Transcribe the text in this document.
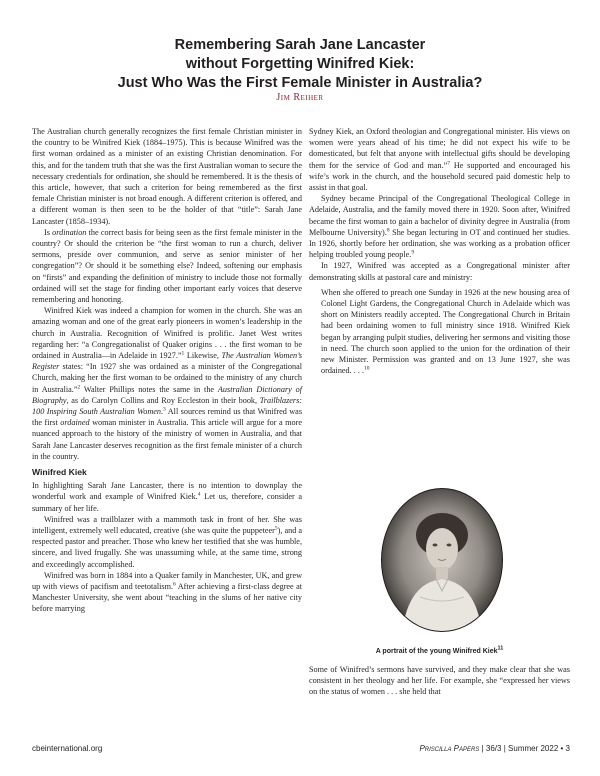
Remembering Sarah Jane Lancaster
without Forgetting Winifred Kiek:
Just Who Was the First Female Minister in Australia?
Jim Reiher

The Australian church generally recognizes the first female Christian minister in the country to be Winifred Kiek (1884–1975). This is because Winifred was the first woman ordained as a minister of an existing Christian denomination. For this, and for the tandem truth that she was the first Australian woman to secure the necessary credentials for ordination, she should be remembered. It is the thesis of this article, however, that such a criterion for being remembered as the first female Christian minister is not broad enough. A different criterion is offered, and a different woman is then seen to be the holder of that “title”: Sarah Jane Lancaster (1858–1934).

Is ordination the correct basis for being seen as the first female minister in the country? Or should the criterion be “the first woman to run a church, deliver sermons, preside over communion, and serve as senior minister of her congregation”? Or should it be something else? Indeed, softening our emphasis on “firsts” and expanding the definition of ministry to include those not formally ordained will set the stage for finding other important early voices that deserve remembering and honoring.

Winifred Kiek was indeed a champion for women in the church. She was an amazing woman and one of the great early pioneers in women’s leadership in the church in Australia. Recognition of Winifred is prolific. Janet West writes regarding her: “a Congregationalist of Quaker origins . . . the first woman to be ordained in Australia—in Adelaide in 1927.”$^1$ Likewise, The Australian Women’s Register states: “In 1927 she was ordained as a minister of the Congregational Church, making her the first woman to be ordained to the ministry of any church in Australia.”$^2$ Walter Phillips notes the same in the Australian Dictionary of Biography, as do Carolyn Collins and Roy Eccleston in their book, Trailblazers: 100 Inspiring South Australian Women.$^3$ All sources remind us that Winifred was the first ordained woman minister in Australia. This article will argue for a more nuanced approach to the history of the ministry of women in Australia, and that Sarah Jane Lancaster deserves recognition as the first female minister of a church in the country.

Winifred Kiek

In highlighting Sarah Jane Lancaster, there is no intention to downplay the wonderful work and example of Winifred Kiek.$^4$ Let us, therefore, consider a summary of her life.

Winifred was a trailblazer with a mammoth task in front of her. She was intelligent, extremely well educated, creative (she was quite the puppeteer$^5$), and a respected pastor and preacher. Those who knew her testified that she was humble, sincere, and lived frugally. She was unassuming while, at the same time, strong and exceedingly accomplished.

Winifred was born in 1884 into a Quaker family in Manchester, UK, and grew up with views of pacifism and teetotalism.$^6$ After achieving a first-class degree at Manchester University, she went about “teaching in the slums of her native city before marrying

Sydney Kiek, an Oxford theologian and Congregational minister. His views on women were years ahead of his time; he did not expect his wife to be domesticated, but felt that anyone with intellectual gifts should be developing them for the service of God and man.”$^7$ He supported and encouraged his wife’s work in the church, and the household secured paid domestic help to assist in that goal.

Sydney became Principal of the Congregational Theological College in Adelaide, Australia, and the family moved there in 1920. Soon after, Winifred became the first woman to gain a bachelor of divinity degree in Australia (from Melbourne University).$^8$ She began lecturing in OT and continued her studies. In 1926, shortly before her ordination, she was working as a probation officer helping troubled young people.$^9$

In 1927, Winifred was accepted as a Congregational minister after demonstrating skills at pastoral care and ministry:

When she offered to preach one Sunday in 1926 at the new housing area of Colonel Light Gardens, the Congregational Church in Adelaide which was short on Ministers readily accepted. The Congregational Church in Britain had been ordaining women to full ministry since 1918. Winifred Kiek began by arranging pulpit studies, delivering her sermons and visiting those in need. The church soon applied to the union for the ordination of their new Minister. Permission was granted and on 13 June 1927, she was ordained. . . .$^{10}$
A portrait of the young Winifred Kiek$^{11}$

Some of Winifred’s sermons have survived, and they make clear that she was consistent in her theology and her life. For example, she “expressed her views on the status of women . . . she held that

cbeinternational.org	Priscilla Papers | 36/3 | Summer 2022 • 3
